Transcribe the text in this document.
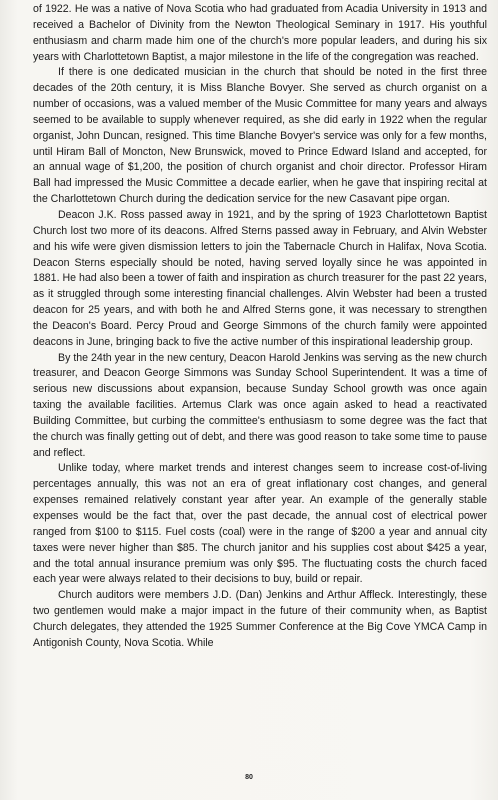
of 1922. He was a native of Nova Scotia who had graduated from Acadia University in 1913 and received a Bachelor of Divinity from the Newton Theological Seminary in 1917. His youthful enthusiasm and charm made him one of the church's more popular leaders, and during his six years with Charlottetown Baptist, a major milestone in the life of the congregation was reached.

If there is one dedicated musician in the church that should be noted in the first three decades of the 20th century, it is Miss Blanche Bovyer. She served as church organist on a number of occasions, was a valued member of the Music Committee for many years and always seemed to be available to supply whenever required, as she did early in 1922 when the regular organist, John Duncan, resigned. This time Blanche Bovyer's service was only for a few months, until Hiram Ball of Moncton, New Brunswick, moved to Prince Edward Island and accepted, for an annual wage of $1,200, the position of church organist and choir director. Professor Hiram Ball had impressed the Music Committee a decade earlier, when he gave that inspiring recital at the Charlottetown Church during the dedication service for the new Casavant pipe organ.

Deacon J.K. Ross passed away in 1921, and by the spring of 1923 Charlottetown Baptist Church lost two more of its deacons. Alfred Sterns passed away in February, and Alvin Webster and his wife were given dismission letters to join the Tabernacle Church in Halifax, Nova Scotia. Deacon Sterns especially should be noted, having served loyally since he was appointed in 1881. He had also been a tower of faith and inspiration as church treasurer for the past 22 years, as it struggled through some interesting financial challenges. Alvin Webster had been a trusted deacon for 25 years, and with both he and Alfred Sterns gone, it was necessary to strengthen the Deacon's Board. Percy Proud and George Simmons of the church family were appointed deacons in June, bringing back to five the active number of this inspirational leadership group.

By the 24th year in the new century, Deacon Harold Jenkins was serving as the new church treasurer, and Deacon George Simmons was Sunday School Superintendent. It was a time of serious new discussions about expansion, because Sunday School growth was once again taxing the available facilities. Artemus Clark was once again asked to head a reactivated Building Committee, but curbing the committee's enthusiasm to some degree was the fact that the church was finally getting out of debt, and there was good reason to take some time to pause and reflect.

Unlike today, where market trends and interest changes seem to increase cost-of-living percentages annually, this was not an era of great inflationary cost changes, and general expenses remained relatively constant year after year. An example of the generally stable expenses would be the fact that, over the past decade, the annual cost of electrical power ranged from $100 to $115. Fuel costs (coal) were in the range of $200 a year and annual city taxes were never higher than $85. The church janitor and his supplies cost about $425 a year, and the total annual insurance premium was only $95. The fluctuating costs the church faced each year were always related to their decisions to buy, build or repair.

Church auditors were members J.D. (Dan) Jenkins and Arthur Affleck. Interestingly, these two gentlemen would make a major impact in the future of their community when, as Baptist Church delegates, they attended the 1925 Summer Conference at the Big Cove YMCA Camp in Antigonish County, Nova Scotia. While

80
